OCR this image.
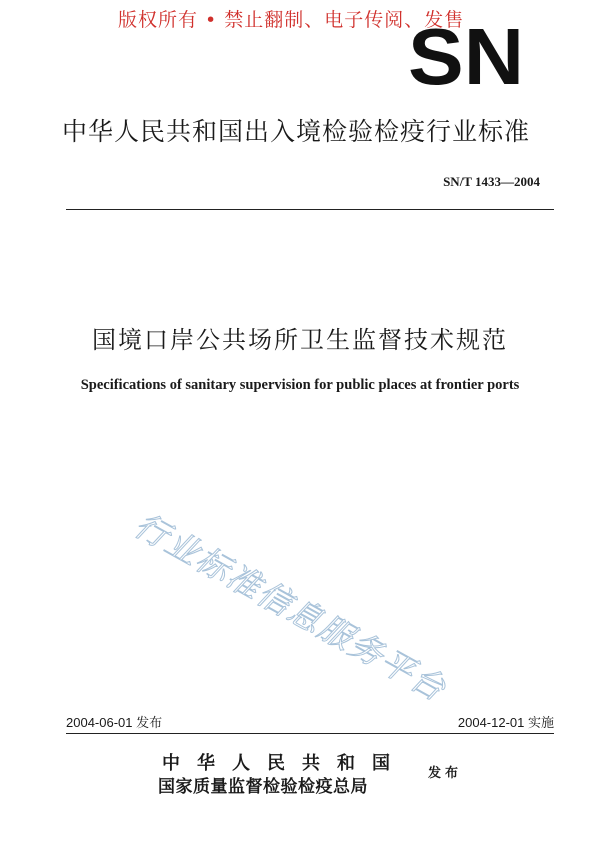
版权所有 • 禁止翻制、电子传阅、发售
SN
中华人民共和国出入境检验检疫行业标准
SN/T 1433—2004
国境口岸公共场所卫生监督技术规范
Specifications of sanitary supervision for public places at frontier ports
行业标准信息服务平台
2004-06-01 发布	2004-12-01 实施
中华人民共和国
国家质量监督检验检疫总局
发布
